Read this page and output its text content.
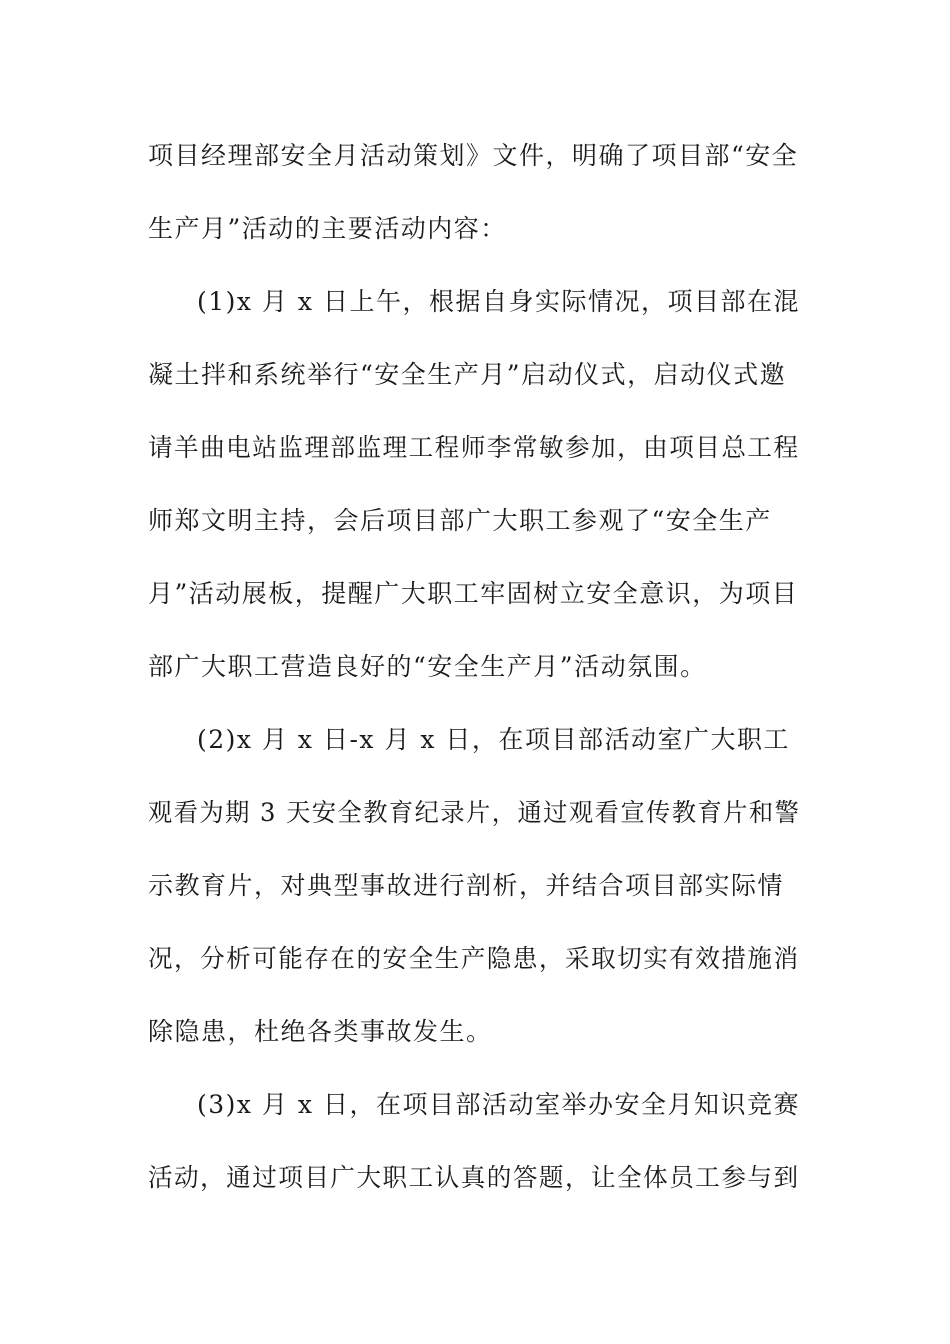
项目经理部安全月活动策划》文件，明确了项目部“安全
生产月”活动的主要活动内容：
(1)x 月 x 日上午，根据自身实际情况，项目部在混
凝土拌和系统举行“安全生产月”启动仪式，启动仪式邀
请羊曲电站监理部监理工程师李常敏参加，由项目总工程
师郑文明主持，会后项目部广大职工参观了“安全生产
月”活动展板，提醒广大职工牢固树立安全意识，为项目
部广大职工营造良好的“安全生产月”活动氛围。
(2)x 月 x 日-x 月 x 日，在项目部活动室广大职工
观看为期 3 天安全教育纪录片，通过观看宣传教育片和警
示教育片，对典型事故进行剖析，并结合项目部实际情
况，分析可能存在的安全生产隐患，采取切实有效措施消
除隐患，杜绝各类事故发生。
(3)x 月 x 日，在项目部活动室举办安全月知识竞赛
活动，通过项目广大职工认真的答题，让全体员工参与到
